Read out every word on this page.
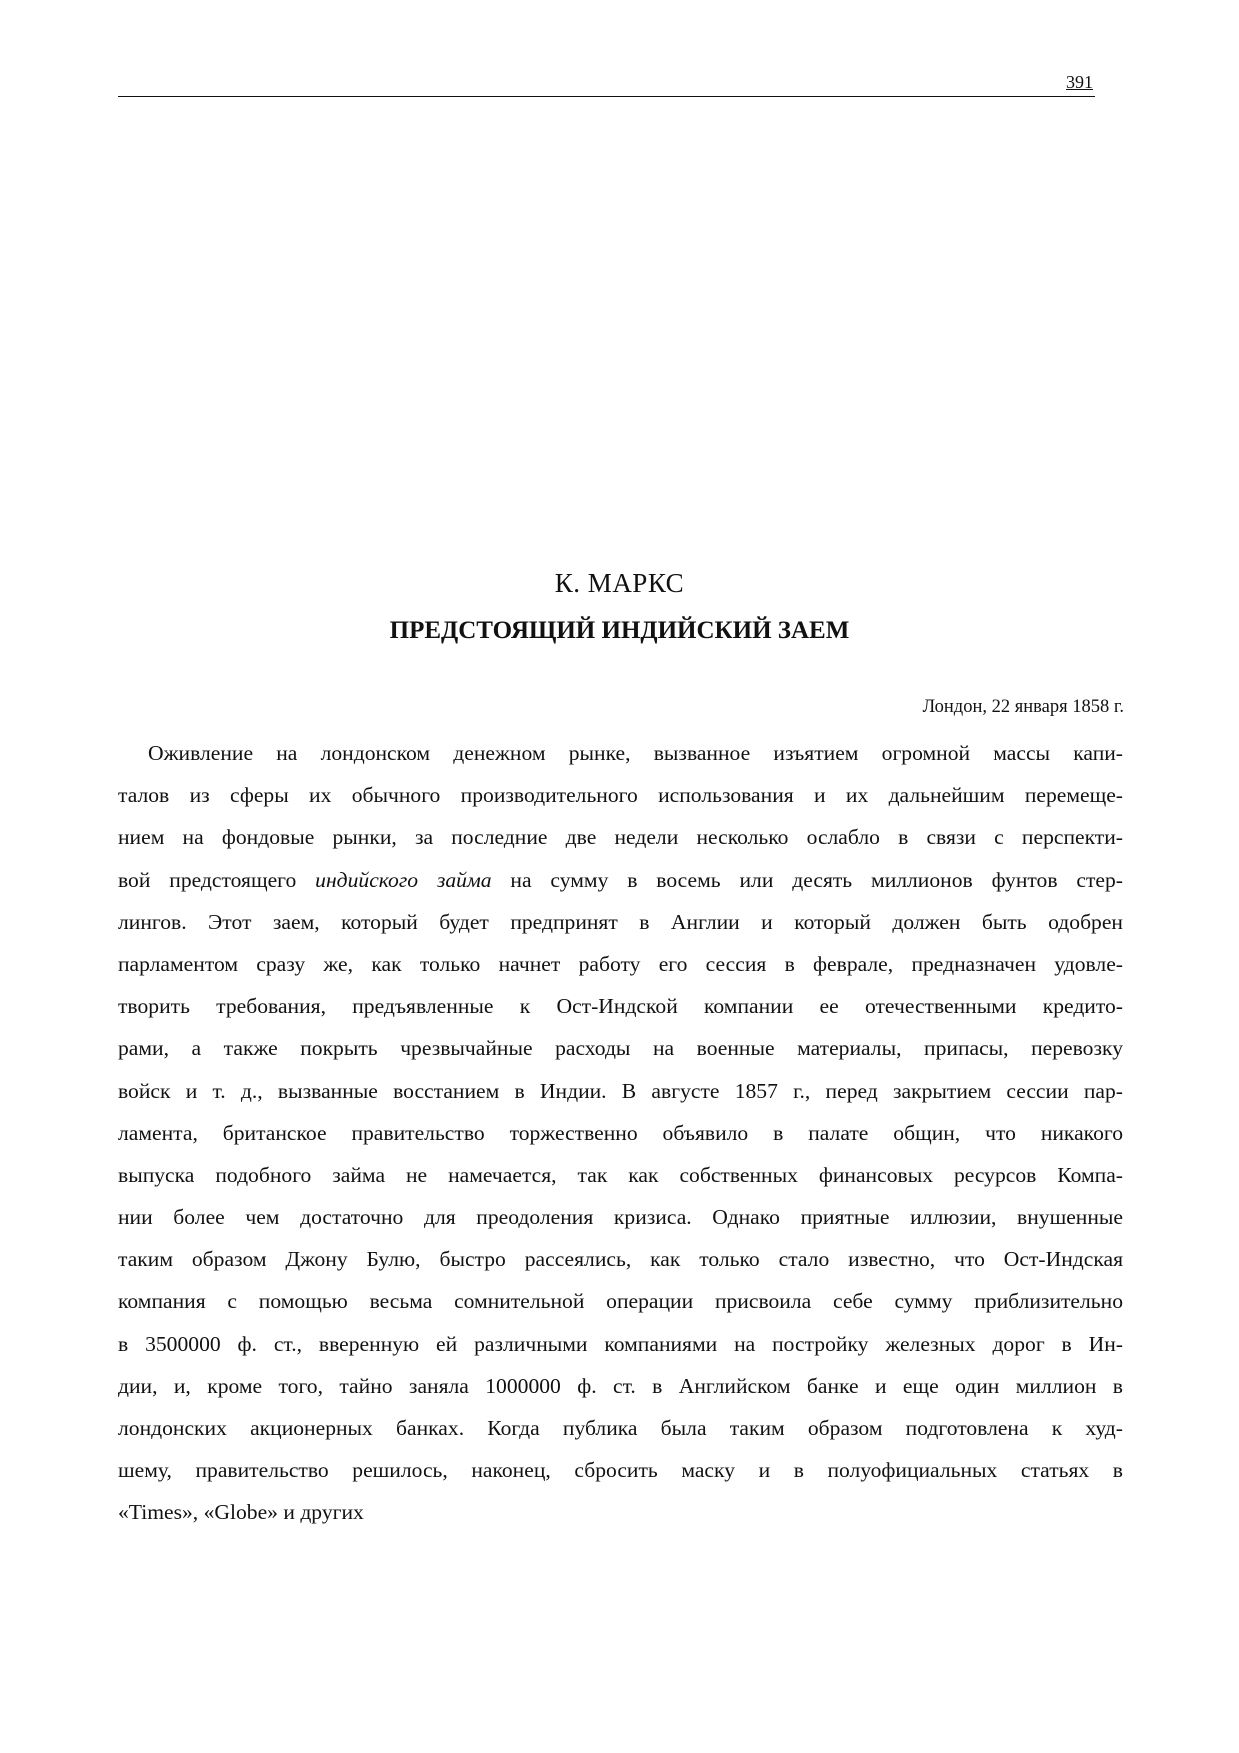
391
К. МАРКС
ПРЕДСТОЯЩИЙ ИНДИЙСКИЙ ЗАЕМ
Лондон, 22 января 1858 г.
Оживление на лондонском денежном рынке, вызванное изъятием огромной массы капи-
талов из сферы их обычного производительного использования и их дальнейшим перемеще-
нием на фондовые рынки, за последние две недели несколько ослабло в связи с перспекти-
вой предстоящего индийского займа на сумму в восемь или десять миллионов фунтов стер-
лингов. Этот заем, который будет предпринят в Англии и который должен быть одобрен
парламентом сразу же, как только начнет работу его сессия в феврале, предназначен удовле-
творить требования, предъявленные к Ост-Индской компании ее отечественными кредито-
рами, а также покрыть чрезвычайные расходы на военные материалы, припасы, перевозку
войск и т. д., вызванные восстанием в Индии. В августе 1857 г., перед закрытием сессии пар-
ламента, британское правительство торжественно объявило в палате общин, что никакого
выпуска подобного займа не намечается, так как собственных финансовых ресурсов Компа-
нии более чем достаточно для преодоления кризиса. Однако приятные иллюзии, внушенные
таким образом Джону Булю, быстро рассеялись, как только стало известно, что Ост-Индская
компания с помощью весьма сомнительной операции присвоила себе сумму приблизительно
в 3500000 ф. ст., вверенную ей различными компаниями на постройку железных дорог в Ин-
дии, и, кроме того, тайно заняла 1000000 ф. ст. в Английском банке и еще один миллион в
лондонских акционерных банках. Когда публика была таким образом подготовлена к худ-
шему, правительство решилось, наконец, сбросить маску и в полуофициальных статьях в
«Times», «Globe» и других
